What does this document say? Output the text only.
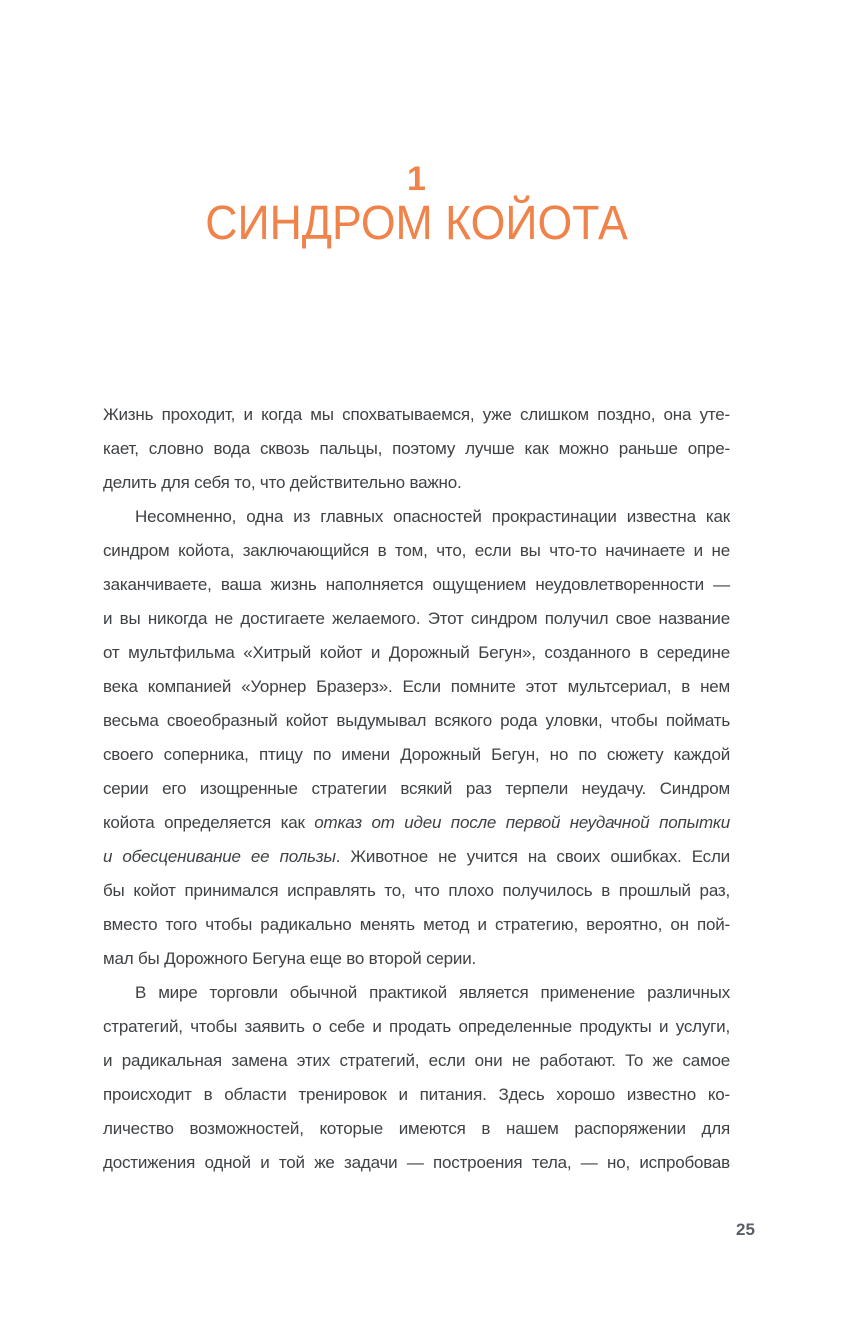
1
СИНДРОМ КОЙОТА
Жизнь проходит, и когда мы спохватываемся, уже слишком поздно, она уте-
кает, словно вода сквозь пальцы, поэтому лучше как можно раньше опре-
делить для себя то, что действительно важно.
Несомненно, одна из главных опасностей прокрастинации известна как
синдром койота, заключающийся в том, что, если вы что-то начинаете и не
заканчиваете, ваша жизнь наполняется ощущением неудовлетворенности —
и вы никогда не достигаете желаемого. Этот синдром получил свое название
от мультфильма «Хитрый койот и Дорожный Бегун», созданного в середине
века компанией «Уорнер Бразерз». Если помните этот мультсериал, в нем
весьма своеобразный койот выдумывал всякого рода уловки, чтобы поймать
своего соперника, птицу по имени Дорожный Бегун, но по сюжету каждой
серии его изощренные стратегии всякий раз терпели неудачу. Синдром
койота определяется как отказ от идеи после первой неудачной попытки
и обесценивание ее пользы. Животное не учится на своих ошибках. Если
бы койот принимался исправлять то, что плохо получилось в прошлый раз,
вместо того чтобы радикально менять метод и стратегию, вероятно, он пой-
мал бы Дорожного Бегуна еще во второй серии.
В мире торговли обычной практикой является применение различных
стратегий, чтобы заявить о себе и продать определенные продукты и услуги,
и радикальная замена этих стратегий, если они не работают. То же самое
происходит в области тренировок и питания. Здесь хорошо известно ко-
личество возможностей, которые имеются в нашем распоряжении для
достижения одной и той же задачи — построения тела, — но, испробовав
25
